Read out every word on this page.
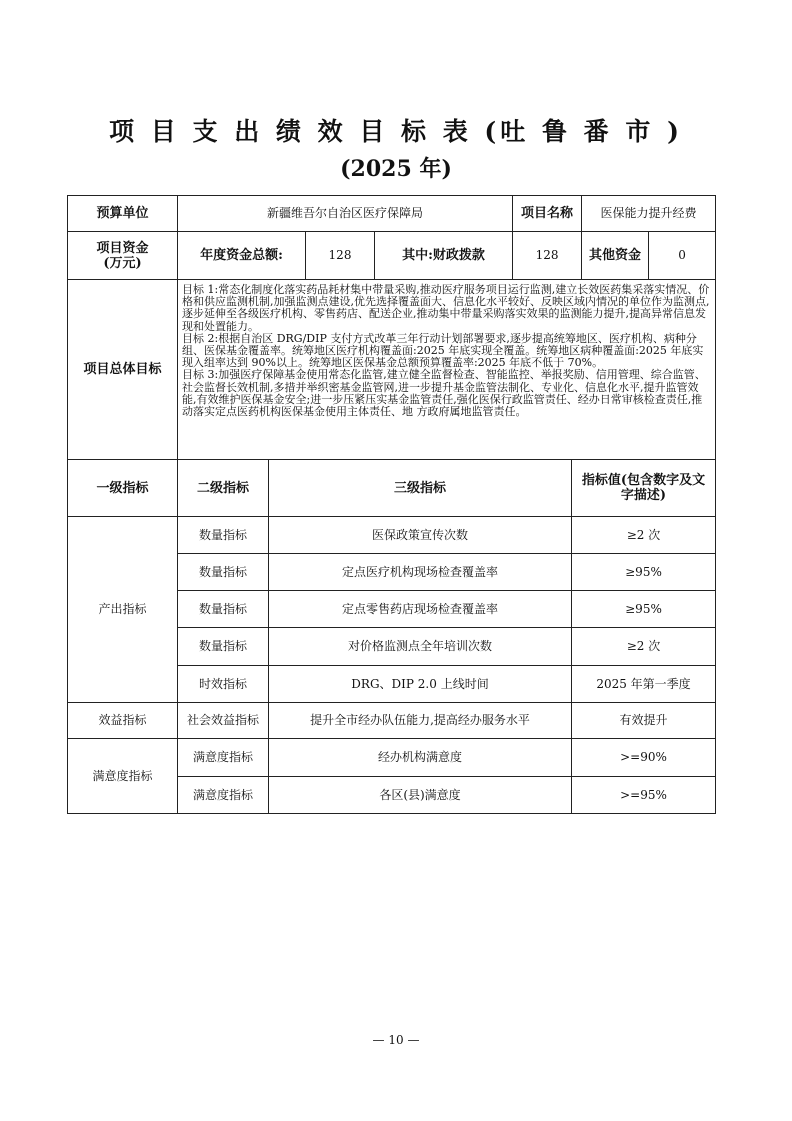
项 目 支 出 绩 效 目 标 表 (吐 鲁 番 市 )
(2025 年)
预算单位	新疆维吾尔自治区医疗保障局			项目名称	医保能力提升经费	

项目资金
(万元)	年度资金总额:	128	其中:财政拨款	128	其他资金	0
项目总体目标	目标 1:常态化制度化落实药品耗材集中带量采购,推动医疗服务项目运行监测,建立长效医药集采落实情况、价格和供应监测机制,加强监测点建设,优先选择覆盖面大、信息化水平较好、反映区域内情况的单位作为监测点,逐步延伸至各级医疗机构、零售药店、配送企业,推动集中带量采购落实效果的监测能力提升,提高异常信息发现和处置能力。

目标 2:根据自治区 DRG/DIP 支付方式改革三年行动计划部署要求,逐步提高统筹地区、医疗机构、病种分组、医保基金覆盖率。统筹地区医疗机构覆盖面:2025 年底实现全覆盖。统筹地区病种覆盖面:2025 年底实现入组率达到 90%以上。统筹地区医保基金总额预算覆盖率:2025 年底不低于 70%。

目标 3:加强医疗保障基金使用常态化监管,建立健全监督检查、智能监控、举报奖励、信用管理、综合监管、社会监督长效机制,多措并举织密基金监管网,进一步提升基金监管法制化、专业化、信息化水平,提升监管效能,有效维护医保基金安全;进一步压紧压实基金监管责任,强化医保行政监管责任、经办日常审核检查责任,推动落实定点医药机构医保基金使用主体责任、地 方政府属地监管责任。					

一级指标	二级指标	三级指标	指标值(包含数字及文字描述)
产出指标	数量指标	医保政策宣传次数	≥2 次
	数量指标	定点医疗机构现场检查覆盖率	≥95%
	数量指标	定点零售药店现场检查覆盖率	≥95%
	数量指标	对价格监测点全年培训次数	≥2 次
	时效指标	DRG、DIP 2.0 上线时间	2025 年第一季度
效益指标	社会效益指标	提升全市经办队伍能力,提高经办服务水平	有效提升
满意度指标	满意度指标	经办机构满意度	>=90%
	满意度指标	各区(县)满意度	>=95%
— 10 —
